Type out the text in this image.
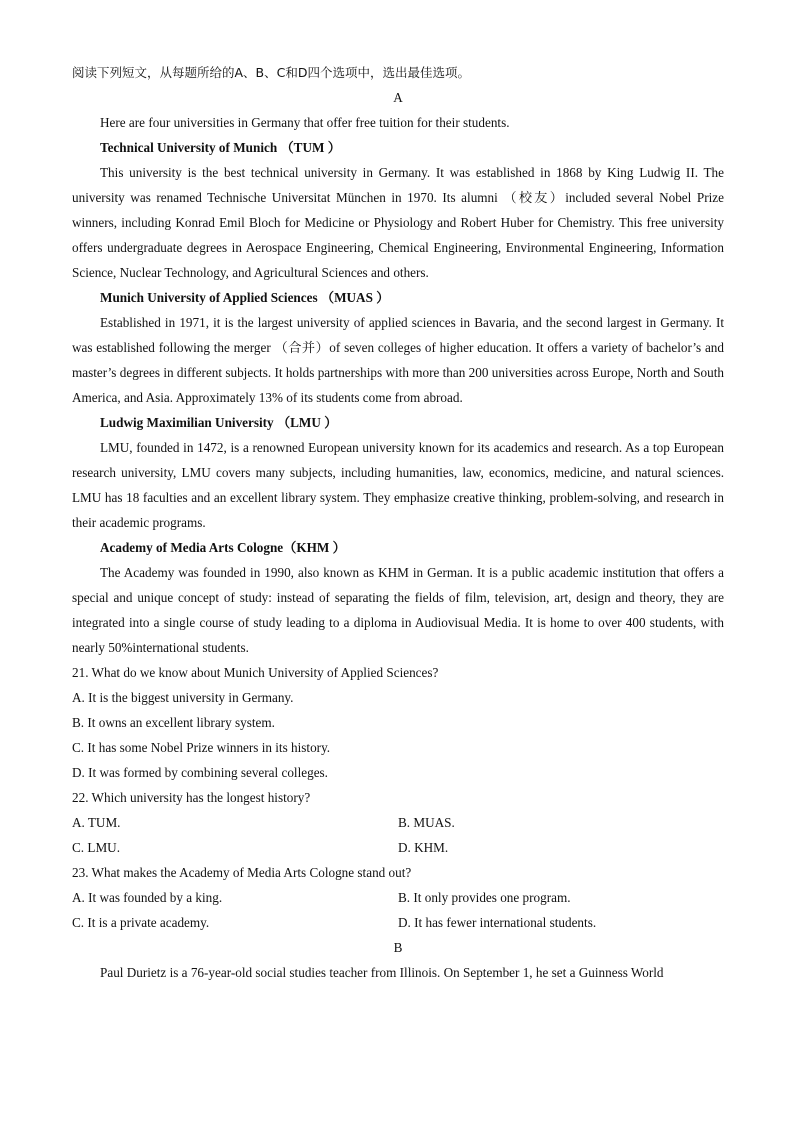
阅读下列短文，从每题所给的A、B、C和D四个选项中，选出最佳选项。
A
Here are four universities in Germany that offer free tuition for their students.
Technical University of Munich （TUM ）
This university is the best technical university in Germany. It was established in 1868 by King Ludwig II. The university was renamed Technische Universitat München in 1970. Its alumni （校友）included several Nobel Prize winners, including Konrad Emil Bloch for Medicine or Physiology and Robert Huber for Chemistry. This free university offers undergraduate degrees in Aerospace Engineering, Chemical Engineering, Environmental Engineering, Information Science, Nuclear Technology, and Agricultural Sciences and others.
Munich University of Applied Sciences （MUAS ）
Established in 1971, it is the largest university of applied sciences in Bavaria, and the second largest in Germany. It was established following the merger （合并）of seven colleges of higher education. It offers a variety of bachelor’s and master’s degrees in different subjects. It holds partnerships with more than 200 universities across Europe, North and South America, and Asia. Approximately 13% of its students come from abroad.
Ludwig Maximilian University （LMU ）
LMU, founded in 1472, is a renowned European university known for its academics and research. As a top European research university, LMU covers many subjects, including humanities, law, economics, medicine, and natural sciences. LMU has 18 faculties and an excellent library system. They emphasize creative thinking, problem-solving, and research in their academic programs.
Academy of Media Arts Cologne（KHM ）
The Academy was founded in 1990, also known as KHM in German. It is a public academic institution that offers a special and unique concept of study: instead of separating the fields of film, television, art, design and theory, they are integrated into a single course of study leading to a diploma in Audiovisual Media. It is home to over 400 students, with nearly 50%international students.
21. What do we know about Munich University of Applied Sciences?
A. It is the biggest university in Germany.
B. It owns an excellent library system.
C. It has some Nobel Prize winners in its history.
D. It was formed by combining several colleges.
22. Which university has the longest history?
A. TUM.	B. MUAS.
C. LMU.	D. KHM.
23. What makes the Academy of Media Arts Cologne stand out?
A. It was founded by a king.	B. It only provides one program.
C. It is a private academy.	D. It has fewer international students.
B
Paul Durietz is a 76-year-old social studies teacher from Illinois. On September 1, he set a Guinness World
